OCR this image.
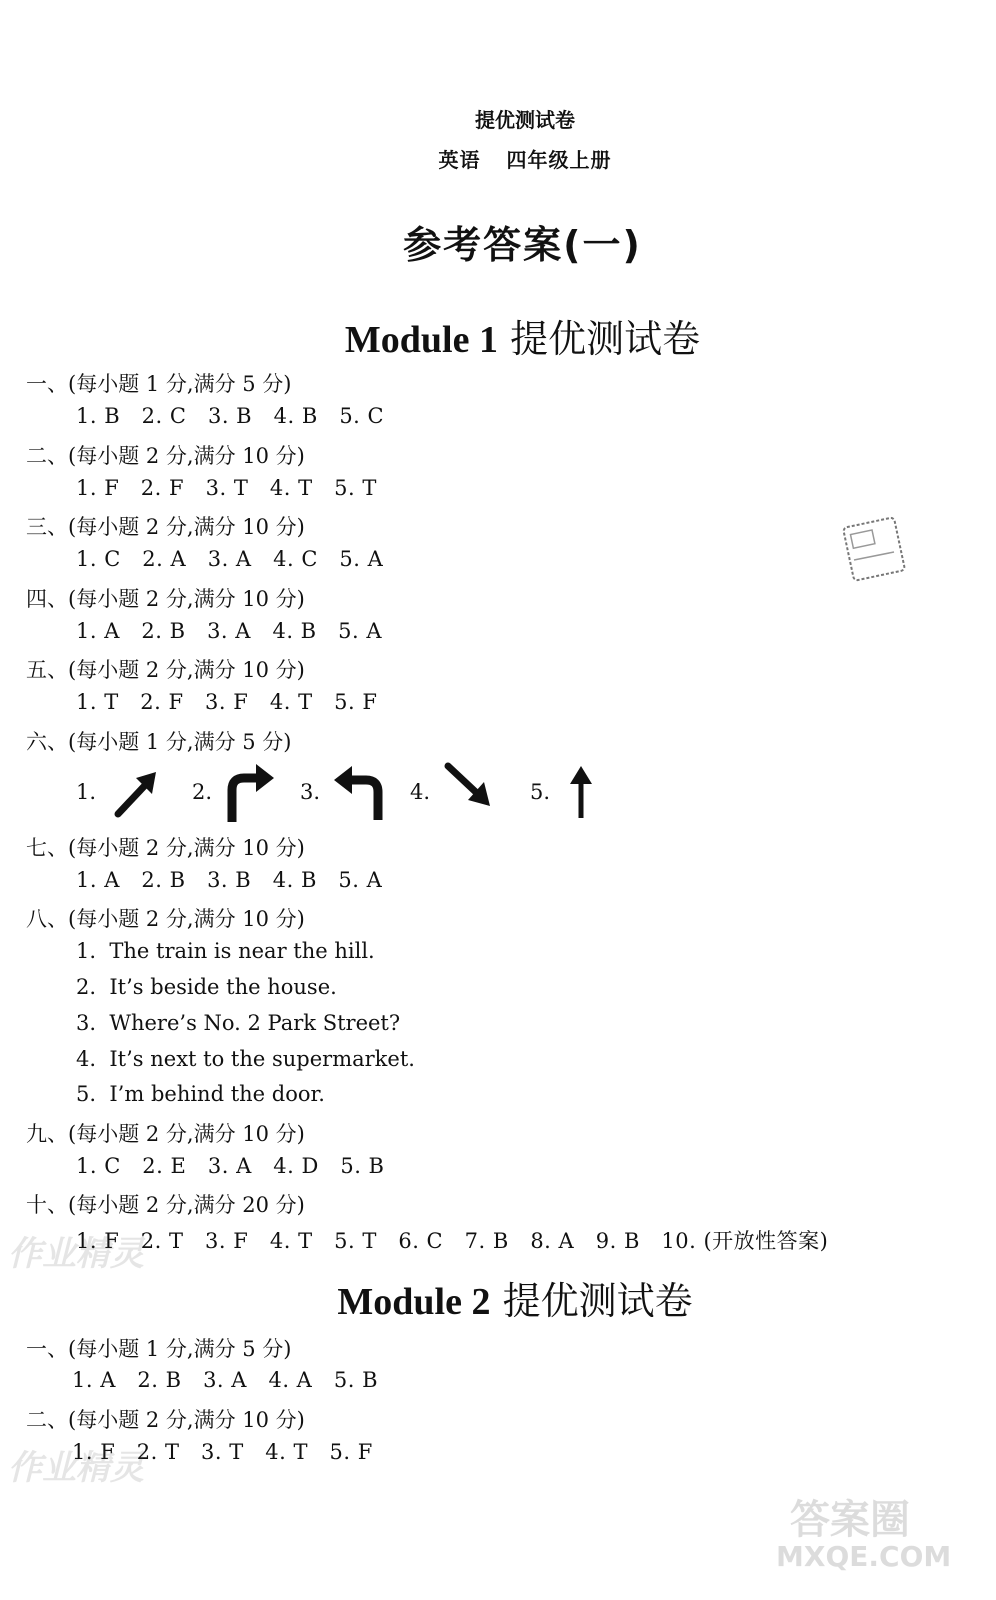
提优测试卷
英语 四年级上册
参考答案(一)
Module 1 提优测试卷
一、(每小题 1 分,满分 5 分)
1. B   2. C   3. B   4. B   5. C
二、(每小题 2 分,满分 10 分)
1. F   2. F   3. T   4. T   5. T
三、(每小题 2 分,满分 10 分)
1. C   2. A   3. A   4. C   5. A
四、(每小题 2 分,满分 10 分)
1. A   2. B   3. A   4. B   5. A
五、(每小题 2 分,满分 10 分)
1. T   2. F   3. F   4. T   5. F
六、(每小题 1 分,满分 5 分)
1.	2.	3.	4.	5.
七、(每小题 2 分,满分 10 分)
1. A   2. B   3. B   4. B   5. A
八、(每小题 2 分,满分 10 分)
1.  The train is near the hill.
2.  It’s beside the house.
3.  Where’s No. 2 Park Street?
4.  It’s next to the supermarket.
5.  I’m behind the door.
九、(每小题 2 分,满分 10 分)
1. C   2. E   3. A   4. D   5. B
十、(每小题 2 分,满分 20 分)
1. F   2. T   3. F   4. T   5. T   6. C   7. B   8. A   9. B   10. (开放性答案)
Module 2 提优测试卷
一、(每小题 1 分,满分 5 分)
1. A   2. B   3. A   4. A   5. B
二、(每小题 2 分,满分 10 分)
1. F   2. T   3. T   4. T   5. F
作业精灵
作业精灵
答案圈
MXQE.COM
